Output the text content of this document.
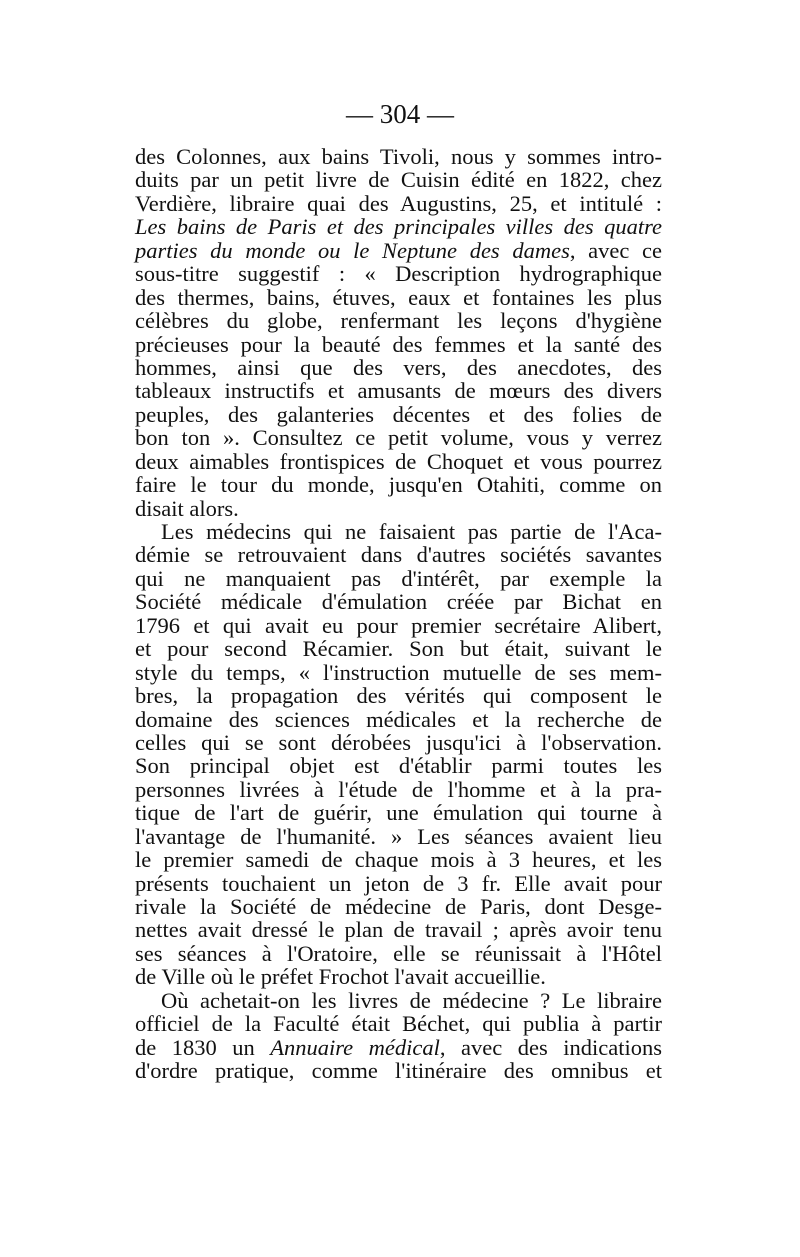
— 304 —
des Colonnes, aux bains Tivoli, nous y sommes intro-
duits par un petit livre de Cuisin édité en 1822, chez
Verdière, libraire quai des Augustins, 25, et intitulé :
Les bains de Paris et des principales villes des quatre
parties du monde ou le Neptune des dames, avec ce
sous-titre suggestif : « Description hydrographique
des thermes, bains, étuves, eaux et fontaines les plus
célèbres du globe, renfermant les leçons d'hygiène
précieuses pour la beauté des femmes et la santé des
hommes, ainsi que des vers, des anecdotes, des
tableaux instructifs et amusants de mœurs des divers
peuples, des galanteries décentes et des folies de
bon ton ». Consultez ce petit volume, vous y verrez
deux aimables frontispices de Choquet et vous pourrez
faire le tour du monde, jusqu'en Otahiti, comme on
disait alors.
Les médecins qui ne faisaient pas partie de l'Aca-
démie se retrouvaient dans d'autres sociétés savantes
qui ne manquaient pas d'intérêt, par exemple la
Société médicale d'émulation créée par Bichat en
1796 et qui avait eu pour premier secrétaire Alibert,
et pour second Récamier. Son but était, suivant le
style du temps, « l'instruction mutuelle de ses mem-
bres, la propagation des vérités qui composent le
domaine des sciences médicales et la recherche de
celles qui se sont dérobées jusqu'ici à l'observation.
Son principal objet est d'établir parmi toutes les
personnes livrées à l'étude de l'homme et à la pra-
tique de l'art de guérir, une émulation qui tourne à
l'avantage de l'humanité. » Les séances avaient lieu
le premier samedi de chaque mois à 3 heures, et les
présents touchaient un jeton de 3 fr. Elle avait pour
rivale la Société de médecine de Paris, dont Desge-
nettes avait dressé le plan de travail ; après avoir tenu
ses séances à l'Oratoire, elle se réunissait à l'Hôtel
de Ville où le préfet Frochot l'avait accueillie.
Où achetait-on les livres de médecine ? Le libraire
officiel de la Faculté était Béchet, qui publia à partir
de 1830 un Annuaire médical, avec des indications
d'ordre pratique, comme l'itinéraire des omnibus et
